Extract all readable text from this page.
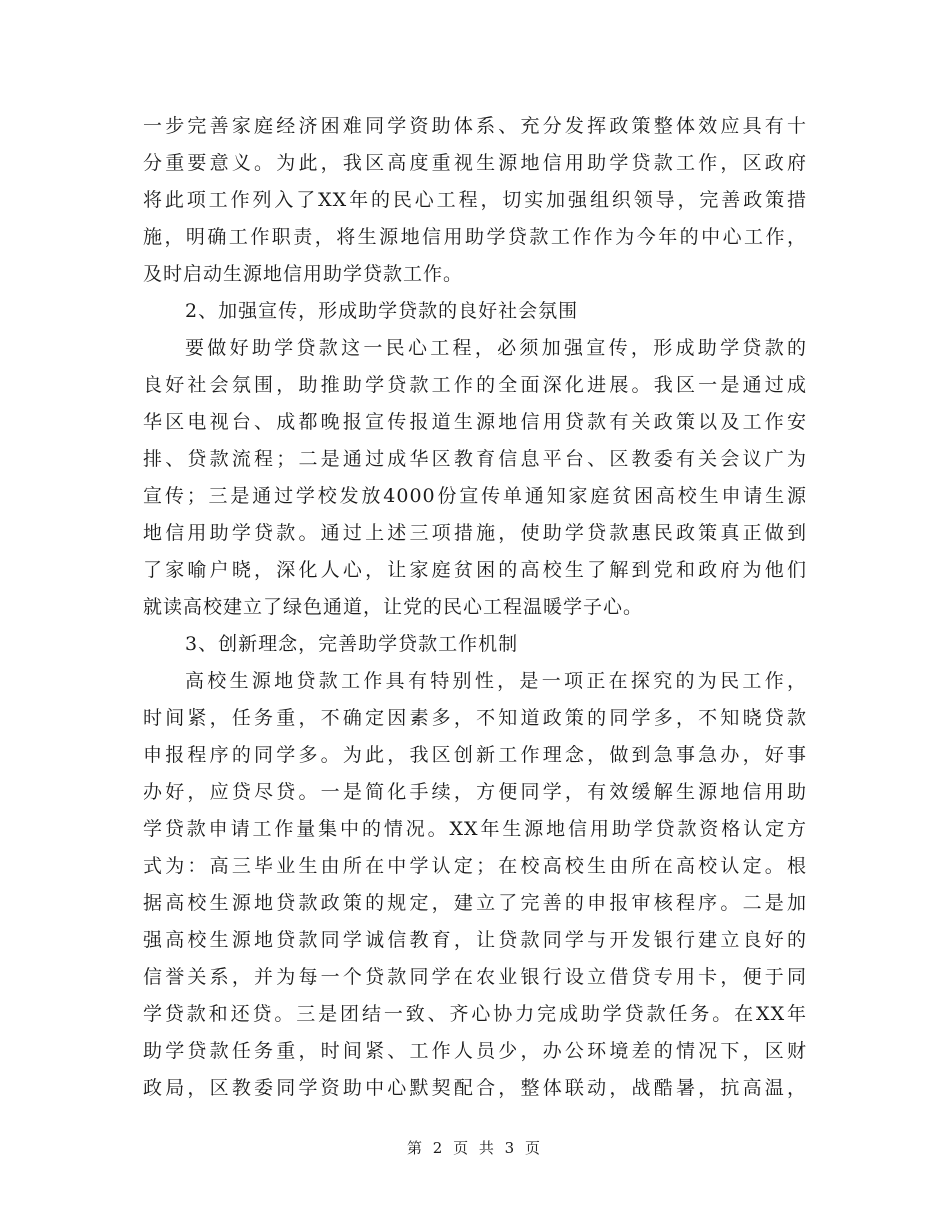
一步完善家庭经济困难同学资助体系、充分发挥政策整体效应具有十
分重要意义。为此，我区高度重视生源地信用助学贷款工作，区政府
将此项工作列入了XX年的民心工程，切实加强组织领导，完善政策措
施，明确工作职责，将生源地信用助学贷款工作作为今年的中心工作，
及时启动生源地信用助学贷款工作。
2、加强宣传，形成助学贷款的良好社会氛围
要做好助学贷款这一民心工程，必须加强宣传，形成助学贷款的
良好社会氛围，助推助学贷款工作的全面深化进展。我区一是通过成
华区电视台、成都晚报宣传报道生源地信用贷款有关政策以及工作安
排、贷款流程；二是通过成华区教育信息平台、区教委有关会议广为
宣传；三是通过学校发放4000份宣传单通知家庭贫困高校生申请生源
地信用助学贷款。通过上述三项措施，使助学贷款惠民政策真正做到
了家喻户晓，深化人心，让家庭贫困的高校生了解到党和政府为他们
就读高校建立了绿色通道，让党的民心工程温暖学子心。
3、创新理念，完善助学贷款工作机制
高校生源地贷款工作具有特别性，是一项正在探究的为民工作，
时间紧，任务重，不确定因素多，不知道政策的同学多，不知晓贷款
申报程序的同学多。为此，我区创新工作理念，做到急事急办，好事
办好，应贷尽贷。一是简化手续，方便同学，有效缓解生源地信用助
学贷款申请工作量集中的情况。XX年生源地信用助学贷款资格认定方
式为：高三毕业生由所在中学认定；在校高校生由所在高校认定。根
据高校生源地贷款政策的规定，建立了完善的申报审核程序。二是加
强高校生源地贷款同学诚信教育，让贷款同学与开发银行建立良好的
信誉关系，并为每一个贷款同学在农业银行设立借贷专用卡，便于同
学贷款和还贷。三是团结一致、齐心协力完成助学贷款任务。在XX年
助学贷款任务重，时间紧、工作人员少，办公环境差的情况下，区财
政局，区教委同学资助中心默契配合，整体联动，战酷暑，抗高温，
第 2 页 共 3 页
